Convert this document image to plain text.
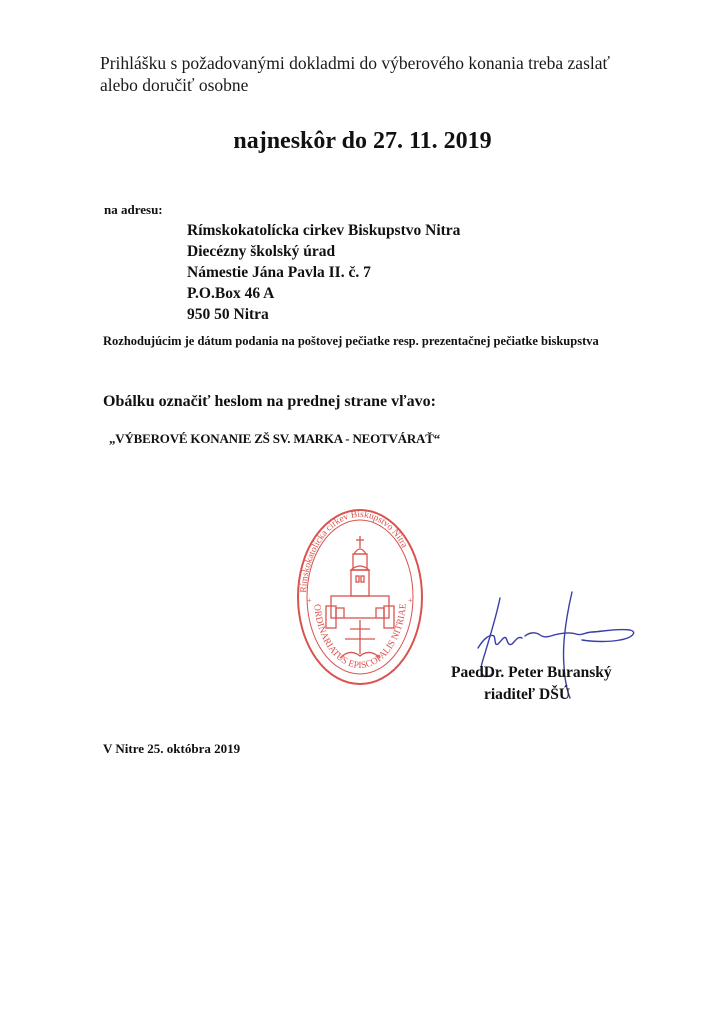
Prihlášku s požadovanými dokladmi do výberového konania treba zaslať
alebo doručiť osobne
najneskôr do 27. 11. 2019
na adresu:
Rímskokatolícka cirkev Biskupstvo Nitra
Diecézny školský úrad
Námestie Jána Pavla II. č. 7
P.O.Box 46 A
950 50 Nitra
Rozhodujúcim je dátum podania na poštovej pečiatke resp. prezentačnej pečiatke biskupstva
Obálku označiť heslom na prednej strane vľavo:
„VÝBEROVÉ KONANIE ZŠ SV. MARKA - NEOTVÁRAŤ“
Rímskokatolícka cirkev Biskupstvo Nitra
ORDINARIATUS EPISCOPALIS NITRIAE
+	+
PaedDr. Peter Buranský
riaditeľ DŠÚ
V Nitre 25. októbra 2019
